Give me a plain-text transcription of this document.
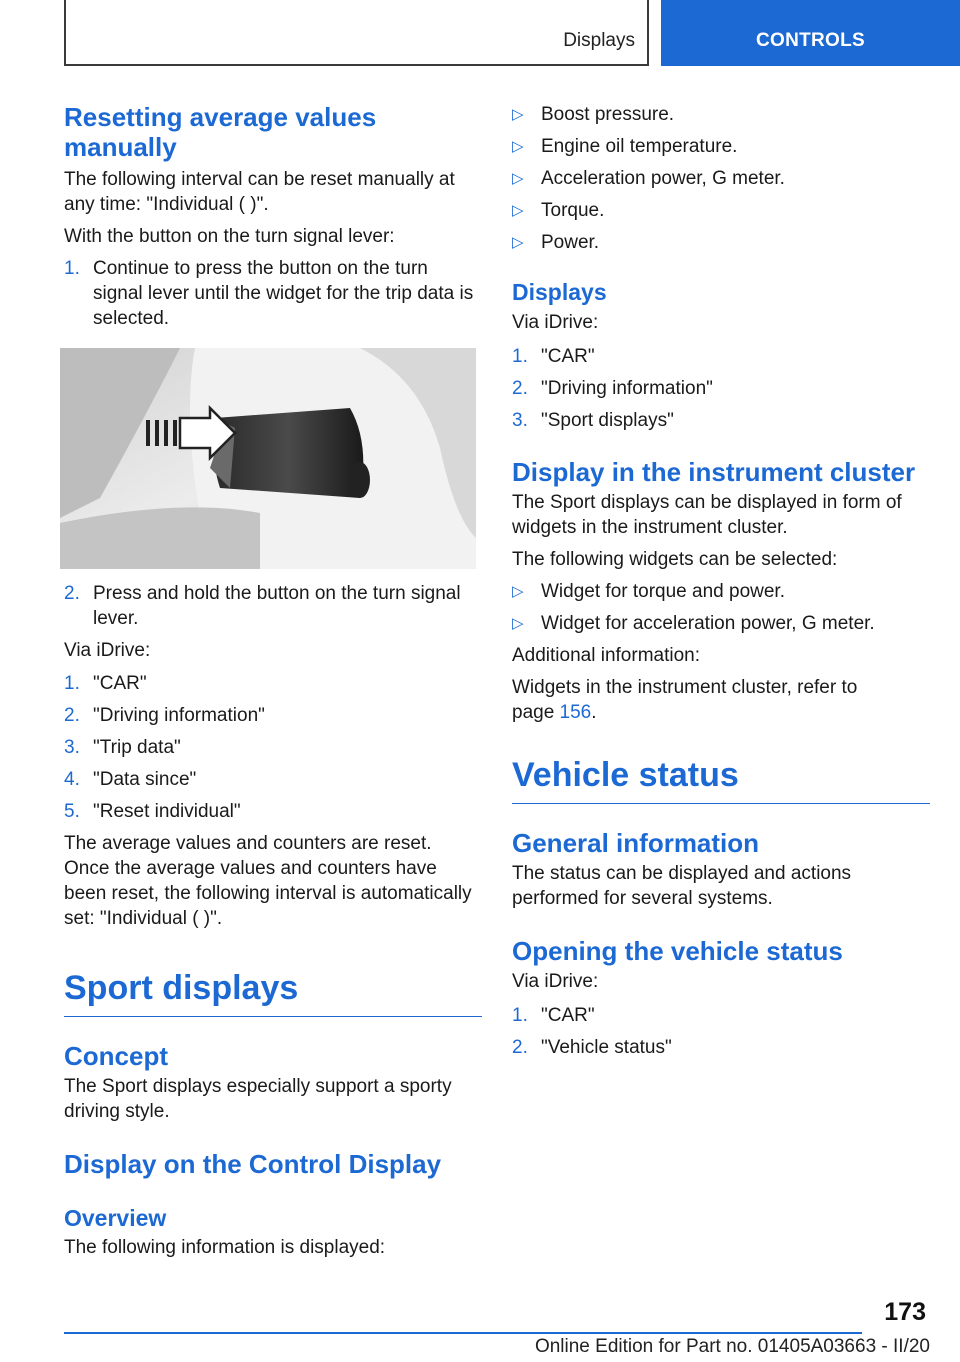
Displays	CONTROLS
Resetting average values manually

The following interval can be reset manually at any time: "Individual ( )".

With the button on the turn signal lever:

1. Continue to press the button on the turn signal lever until the widget for the trip data is selected.
2. Press and hold the button on the turn signal lever.

Via iDrive:

1. "CAR"
2. "Driving information"
3. "Trip data"
4. "Data since"
5. "Reset individual"

The average values and counters are reset. Once the average values and counters have been reset, the following interval is automatically set: "Individual ( )".

Sport displays
Concept

The Sport displays especially support a sporty driving style.

Display on the Control Display
Overview

The following information is displayed:

▷ Boost pressure.
▷ Engine oil temperature.
▷ Acceleration power, G meter.
▷ Torque.
▷ Power.
Displays

Via iDrive:

1. "CAR"
2. "Driving information"
3. "Sport displays"
Display in the instrument cluster

The Sport displays can be displayed in form of widgets in the instrument cluster.

The following widgets can be selected:

▷ Widget for torque and power.
▷ Widget for acceleration power, G meter.

Additional information:

Widgets in the instrument cluster, refer to page 156.

Vehicle status
General information

The status can be displayed and actions performed for several systems.

Opening the vehicle status

Via iDrive:

1. "CAR"
2. "Vehicle status"
173
Online Edition for Part no. 01405A03663 - II/20
